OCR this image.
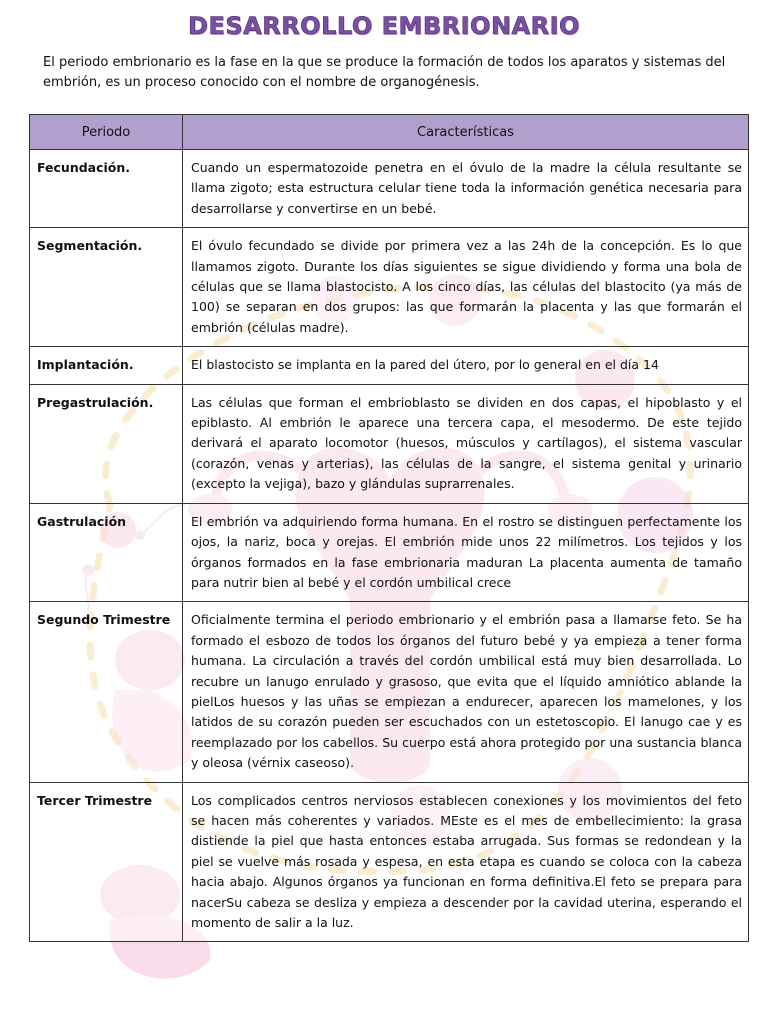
DESARROLLO EMBRIONARIO
El periodo embrionario es la fase en la que se produce la formación de todos los aparatos y sistemas del embrión, es un proceso conocido con el nombre de organogénesis.
Periodo	Características
Fecundación.	Cuando un espermatozoide penetra en el óvulo de la madre la célula resultante se llama zigoto; esta estructura celular tiene toda la información genética necesaria para desarrollarse y convertirse en un bebé.
Segmentación.	El óvulo fecundado se divide por primera vez a las 24h de la concepción. Es lo que llamamos zigoto. Durante los días siguientes se sigue dividiendo y forma una bola de células que se llama blastocisto. A los cinco días, las células del blastocito (ya más de 100) se separan en dos grupos: las que formarán la placenta y las que formarán el embrión (células madre).
Implantación.	El blastocisto se implanta en la pared del útero, por lo general en el día 14
Pregastrulación.	Las células que forman el embrioblasto se dividen en dos capas, el hipoblasto y el epiblasto. Al embrión le aparece una tercera capa, el mesodermo. De este tejido derivará el aparato locomotor (huesos, músculos y cartílagos), el sistema vascular (corazón, venas y arterias), las células de la sangre, el sistema genital y urinario (excepto la vejiga), bazo y glándulas suprarrenales.
Gastrulación	El embrión va adquiriendo forma humana. En el rostro se distinguen perfectamente los ojos, la nariz, boca y orejas. El embrión mide unos 22 milímetros. Los tejidos y los órganos formados en la fase embrionaria maduran La placenta aumenta de tamaño para nutrir bien al bebé y el cordón umbilical crece
Segundo Trimestre	Oficialmente termina el periodo embrionario y el embrión pasa a llamarse feto. Se ha formado el esbozo de todos los órganos del futuro bebé y ya empieza a tener forma humana. La circulación a través del cordón umbilical está muy bien desarrollada. Lo recubre un lanugo enrulado y grasoso, que evita que el líquido amniótico ablande la pielLos huesos y las uñas se empiezan a endurecer, aparecen los mamelones, y los latidos de su corazón pueden ser escuchados con un estetoscopio. El lanugo cae y es reemplazado por los cabellos. Su cuerpo está ahora protegido por una sustancia blanca y oleosa (vérnix caseoso).
Tercer Trimestre	Los complicados centros nerviosos establecen conexiones y los movimientos del feto se hacen más coherentes y variados. MEste es el mes de embellecimiento: la grasa distiende la piel que hasta entonces estaba arrugada. Sus formas se redondean y la piel se vuelve más rosada y espesa, en esta etapa es cuando se coloca con la cabeza hacia abajo. Algunos órganos ya funcionan en forma definitiva.El feto se prepara para nacerSu cabeza se desliza y empieza a descender por la cavidad uterina, esperando el momento de salir a la luz.
